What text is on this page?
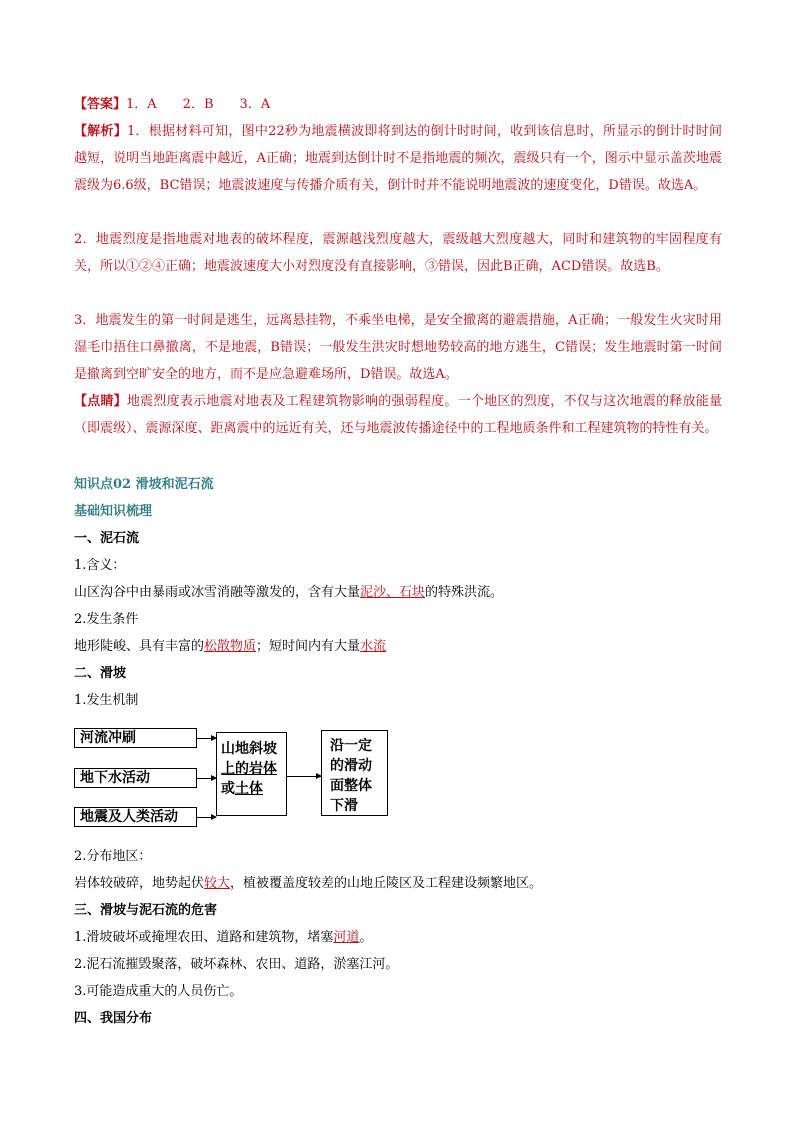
【答案】1．A　　2．B　　3．A

【解析】1．根据材料可知，图中22秒为地震横波即将到达的倒计时时间，收到该信息时，所显示的倒计时时间越短，说明当地距离震中越近，A正确；地震到达倒计时不是指地震的频次，震级只有一个，图示中显示盖茨地震震级为6.6级，BC错误；地震波速度与传播介质有关，倒计时并不能说明地震波的速度变化，D错误。故选A。

2．地震烈度是指地震对地表的破坏程度，震源越浅烈度越大，震级越大烈度越大，同时和建筑物的牢固程度有关，所以①②④正确；地震波速度大小对烈度没有直接影响，③错误，因此B正确，ACD错误。故选B。

3．地震发生的第一时间是逃生，远离悬挂物，不乘坐电梯，是安全撤离的避震措施，A正确；一般发生火灾时用湿毛巾捂住口鼻撤离，不是地震，B错误；一般发生洪灾时想地势较高的地方逃生，C错误；发生地震时第一时间是撤离到空旷安全的地方，而不是应急避难场所，D错误。故选A。

【点睛】地震烈度表示地震对地表及工程建筑物影响的强弱程度。一个地区的烈度，不仅与这次地震的释放能量（即震级）、震源深度、距离震中的远近有关，还与地震波传播途径中的工程地质条件和工程建筑物的特性有关。

知识点02 滑坡和泥石流

基础知识梳理

一、泥石流

1.含义：

山区沟谷中由暴雨或冰雪消融等激发的，含有大量泥沙、石块的特殊洪流。

2.发生条件

地形陡峻、具有丰富的松散物质；短时间内有大量水流

二、滑坡

1.发生机制

河流冲刷
地下水活动
地震及人类活动
山地斜坡
上的岩体
或土体
沿一定
的滑动
面整体
下滑

2.分布地区：

岩体较破碎，地势起伏较大，植被覆盖度较差的山地丘陵区及工程建设频繁地区。

三、滑坡与泥石流的危害

1.滑坡破坏或掩埋农田、道路和建筑物，堵塞河道。

2.泥石流摧毁聚落，破坏森林、农田、道路，淤塞江河。

3.可能造成重大的人员伤亡。

四、我国分布
